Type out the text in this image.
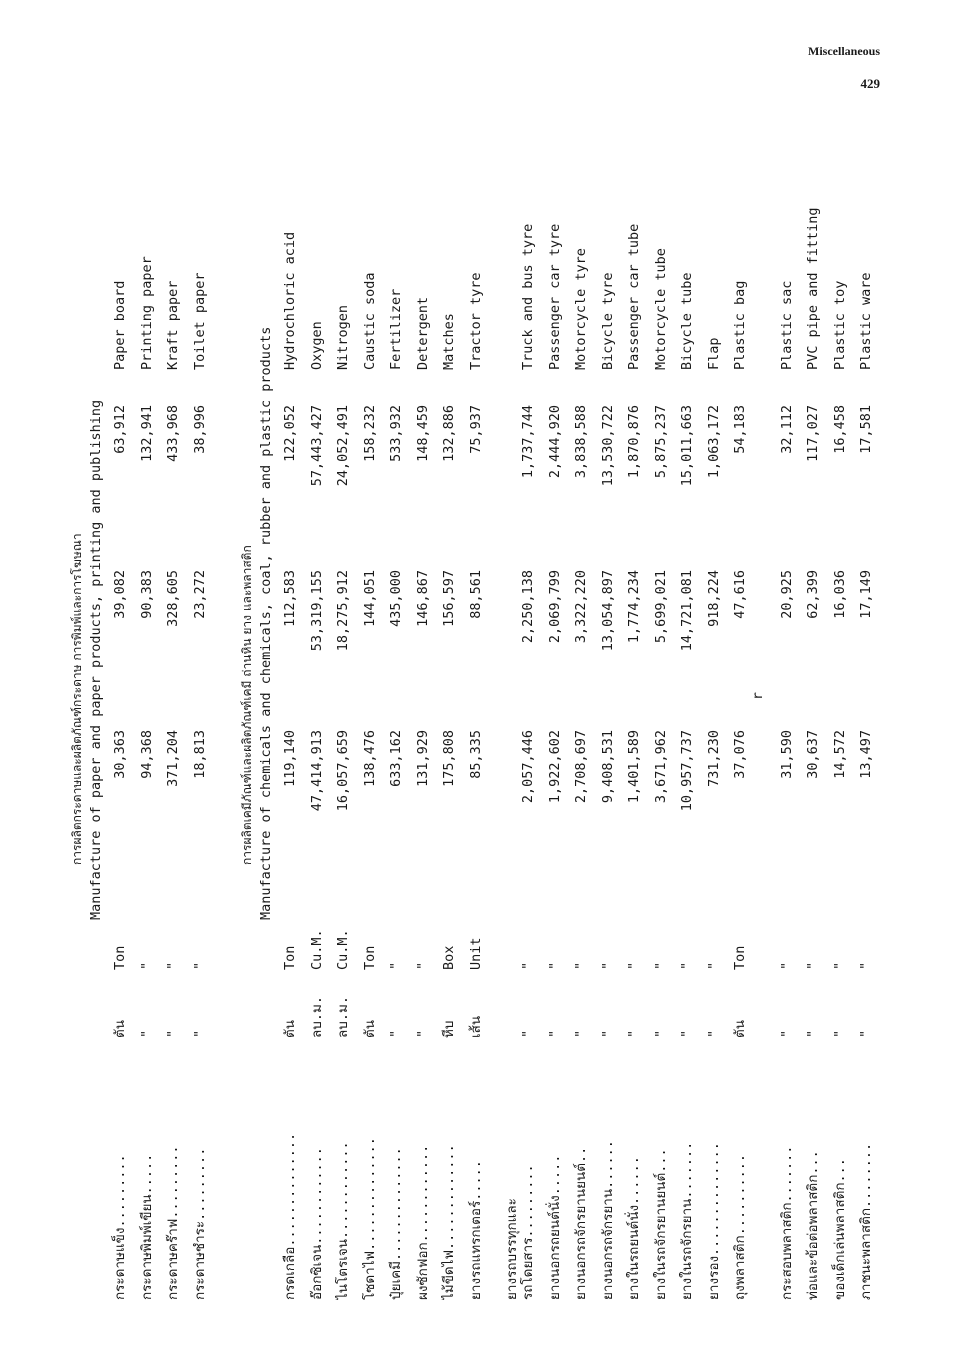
Miscellaneous
429
การผลิตกระดาษและผลิตภัณฑ์กระดาษ การพิมพ์และการโฆษณา Manufacture of paper and paper products, printing and publishing
กระดาษแข็ง.........
ตัน
Ton
30,363
39,082
63,912
Paper board
กระดาษพิมพ์เขียน.....
"
"
94,368
90,383
132,941
Printing paper
กระดาษคร๊าฟ.........
"
"
371,204
328,605
433,968
Kraft paper
กระดาษชำระ.........
"
"
18,813
23,272
38,996
Toilet paper
การผลิตเคมีภัณฑ์และผลิตภัณฑ์เคมี ถ่านหิน ยาง และพลาสติก Manufacture of chemicals and chemicals, coal, rubber and plastic products
กรดเกลือ..............
ตัน
Ton
119,140
112,583
122,052
Hydrochloric acid
อ๊อกซิเจน............
ลบ.ม.
Cu.M.
47,414,913
53,319,155
57,443,427
Oxygen
ไนโตรเจน............
ลบ.ม.
Cu.M.
16,057,659
18,275,912
24,052,491
Nitrogen
โซดาไฟ..............
ตัน
Ton
138,476
144,051
158,232
Caustic soda
ปุ๋ยเคมี..............
"
"
633,162
435,000
533,932
Fertilizer
ผงซักฟอก............
"
"
131,929
146,867
148,459
Detergent
ไม้ขีดไฟ.............
หีบ
Box
175,808
156,597
132,886
Matches
ยางรถแทรกเตอร์.....
เส้น
Unit
85,335
88,561
75,937
Tractor tyre
ยางรถบรรทุกและ รถโดยสาร.........
"
"
2,057,446
2,250,138
1,737,744
Truck and bus tyre
ยางนอกรถยนต์นั่ง.....
"
"
1,922,602
2,069,799
2,444,920
Passenger car tyre
ยางนอกรถจักรยานยนต์..
"
"
2,708,697
3,322,220
3,838,588
Motorcycle tyre
ยางนอกรถจักรยาน......
"
"
9,408,531
13,054,897
13,530,722
Bicycle tyre
ยางในรถยนต์นั่ง......
"
"
1,401,589
1,774,234
1,870,876
Passenger car tube
ยางในรถจักรยานยนต์...
"
"
3,671,962
5,699,021
5,875,237
Motorcycle tube
ยางในรถจักรยาน.......
"
"
10,957,737
14,721,081
15,011,663
Bicycle tube
ยางรอง..............
"
"
731,230
918,224
1,063,172
Flap
ถุงพลาสติก..........
ตัน
Ton
37,076
47,616
54,183
Plastic bag
r
กระสอบพลาสติก.......
"
"
31,590
20,925
32,112
Plastic sac
ท่อและข้อต่อพลาสติก...
"
"
30,637
62,399
117,027
PVC pipe and fitting
ของเด็กเล่นพลาสติก...
"
"
14,572
16,036
16,458
Plastic toy
ภาชนะพลาสติก........
"
"
13,497
17,149
17,581
Plastic ware
